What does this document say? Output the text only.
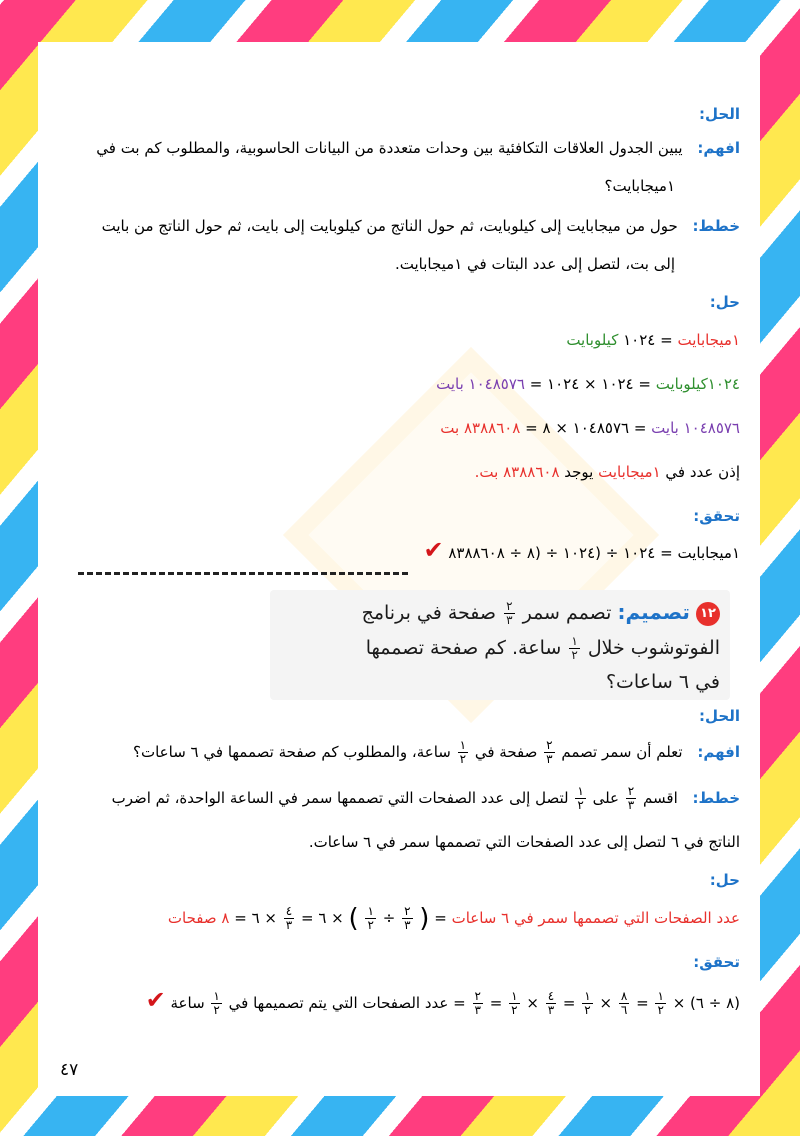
الحل:
افهم: يبين الجدول العلاقات التكافئية بين وحدات متعددة من البيانات الحاسوبية، والمطلوب كم بت في
١ميجابايت؟
خطط: حول من ميجابايت إلى كيلوبايت، ثم حول الناتج من كيلوبايت إلى بايت، ثم حول الناتج من بايت
إلى بت، لتصل إلى عدد البتات في ١ميجابايت.
حل:
١ميجابايت = ١٠٢٤ كيلوبايت
١٠٢٤كيلوبايت = ١٠٢٤ × ١٠٢٤ = ١٠٤٨٥٧٦ بايت
١٠٤٨٥٧٦ بايت = ١٠٤٨٥٧٦ × ٨ = ٨٣٨٨٦٠٨ بت
إذن عدد في ١ميجابايت يوجد ٨٣٨٨٦٠٨ بت.
تحقق:
١ميجابايت = ١٠٢٤ ÷ (١٠٢٤ ÷ (٨ ÷ ٨٣٨٨٦٠٨ ✔
١٢ تصميم: تصمم سمر
$\frac{٢}{٣}$
صفحة في برنامج
الفوتوشوب خلال
$\frac{١}{٢}$
ساعة. كم صفحة تصممها
في ٦ ساعات؟
الحل:
افهم: تعلم أن سمر تصمم
$\frac{٢}{٣}$
صفحة في
$\frac{١}{٢}$
ساعة، والمطلوب كم صفحة تصممها في ٦ ساعات؟
خطط: اقسم
$\frac{٢}{٣}$
على
$\frac{١}{٢}$
لتصل إلى عدد الصفحات التي تصممها سمر في الساعة الواحدة، ثم اضرب
الناتج في ٦ لتصل إلى عدد الصفحات التي تصممها سمر في ٦ ساعات.
حل:
عدد الصفحات التي تصممها سمر في ٦ ساعات = (
$\frac{٢}{٣}$
÷
$\frac{١}{٢}$
) × ٦ =
$\frac{٤}{٣}$
× ٦ = ٨ صفحات
تحقق:
(٨ ÷ ٦) ×
$\frac{١}{٢}$
=
$\frac{٨}{٦}$
×
$\frac{١}{٢}$
=
$\frac{٤}{٣}$
×
$\frac{١}{٢}$
=
$\frac{٢}{٣}$
= عدد الصفحات التي يتم تصميمها في
$\frac{١}{٢}$
ساعة ✔
٤٧
